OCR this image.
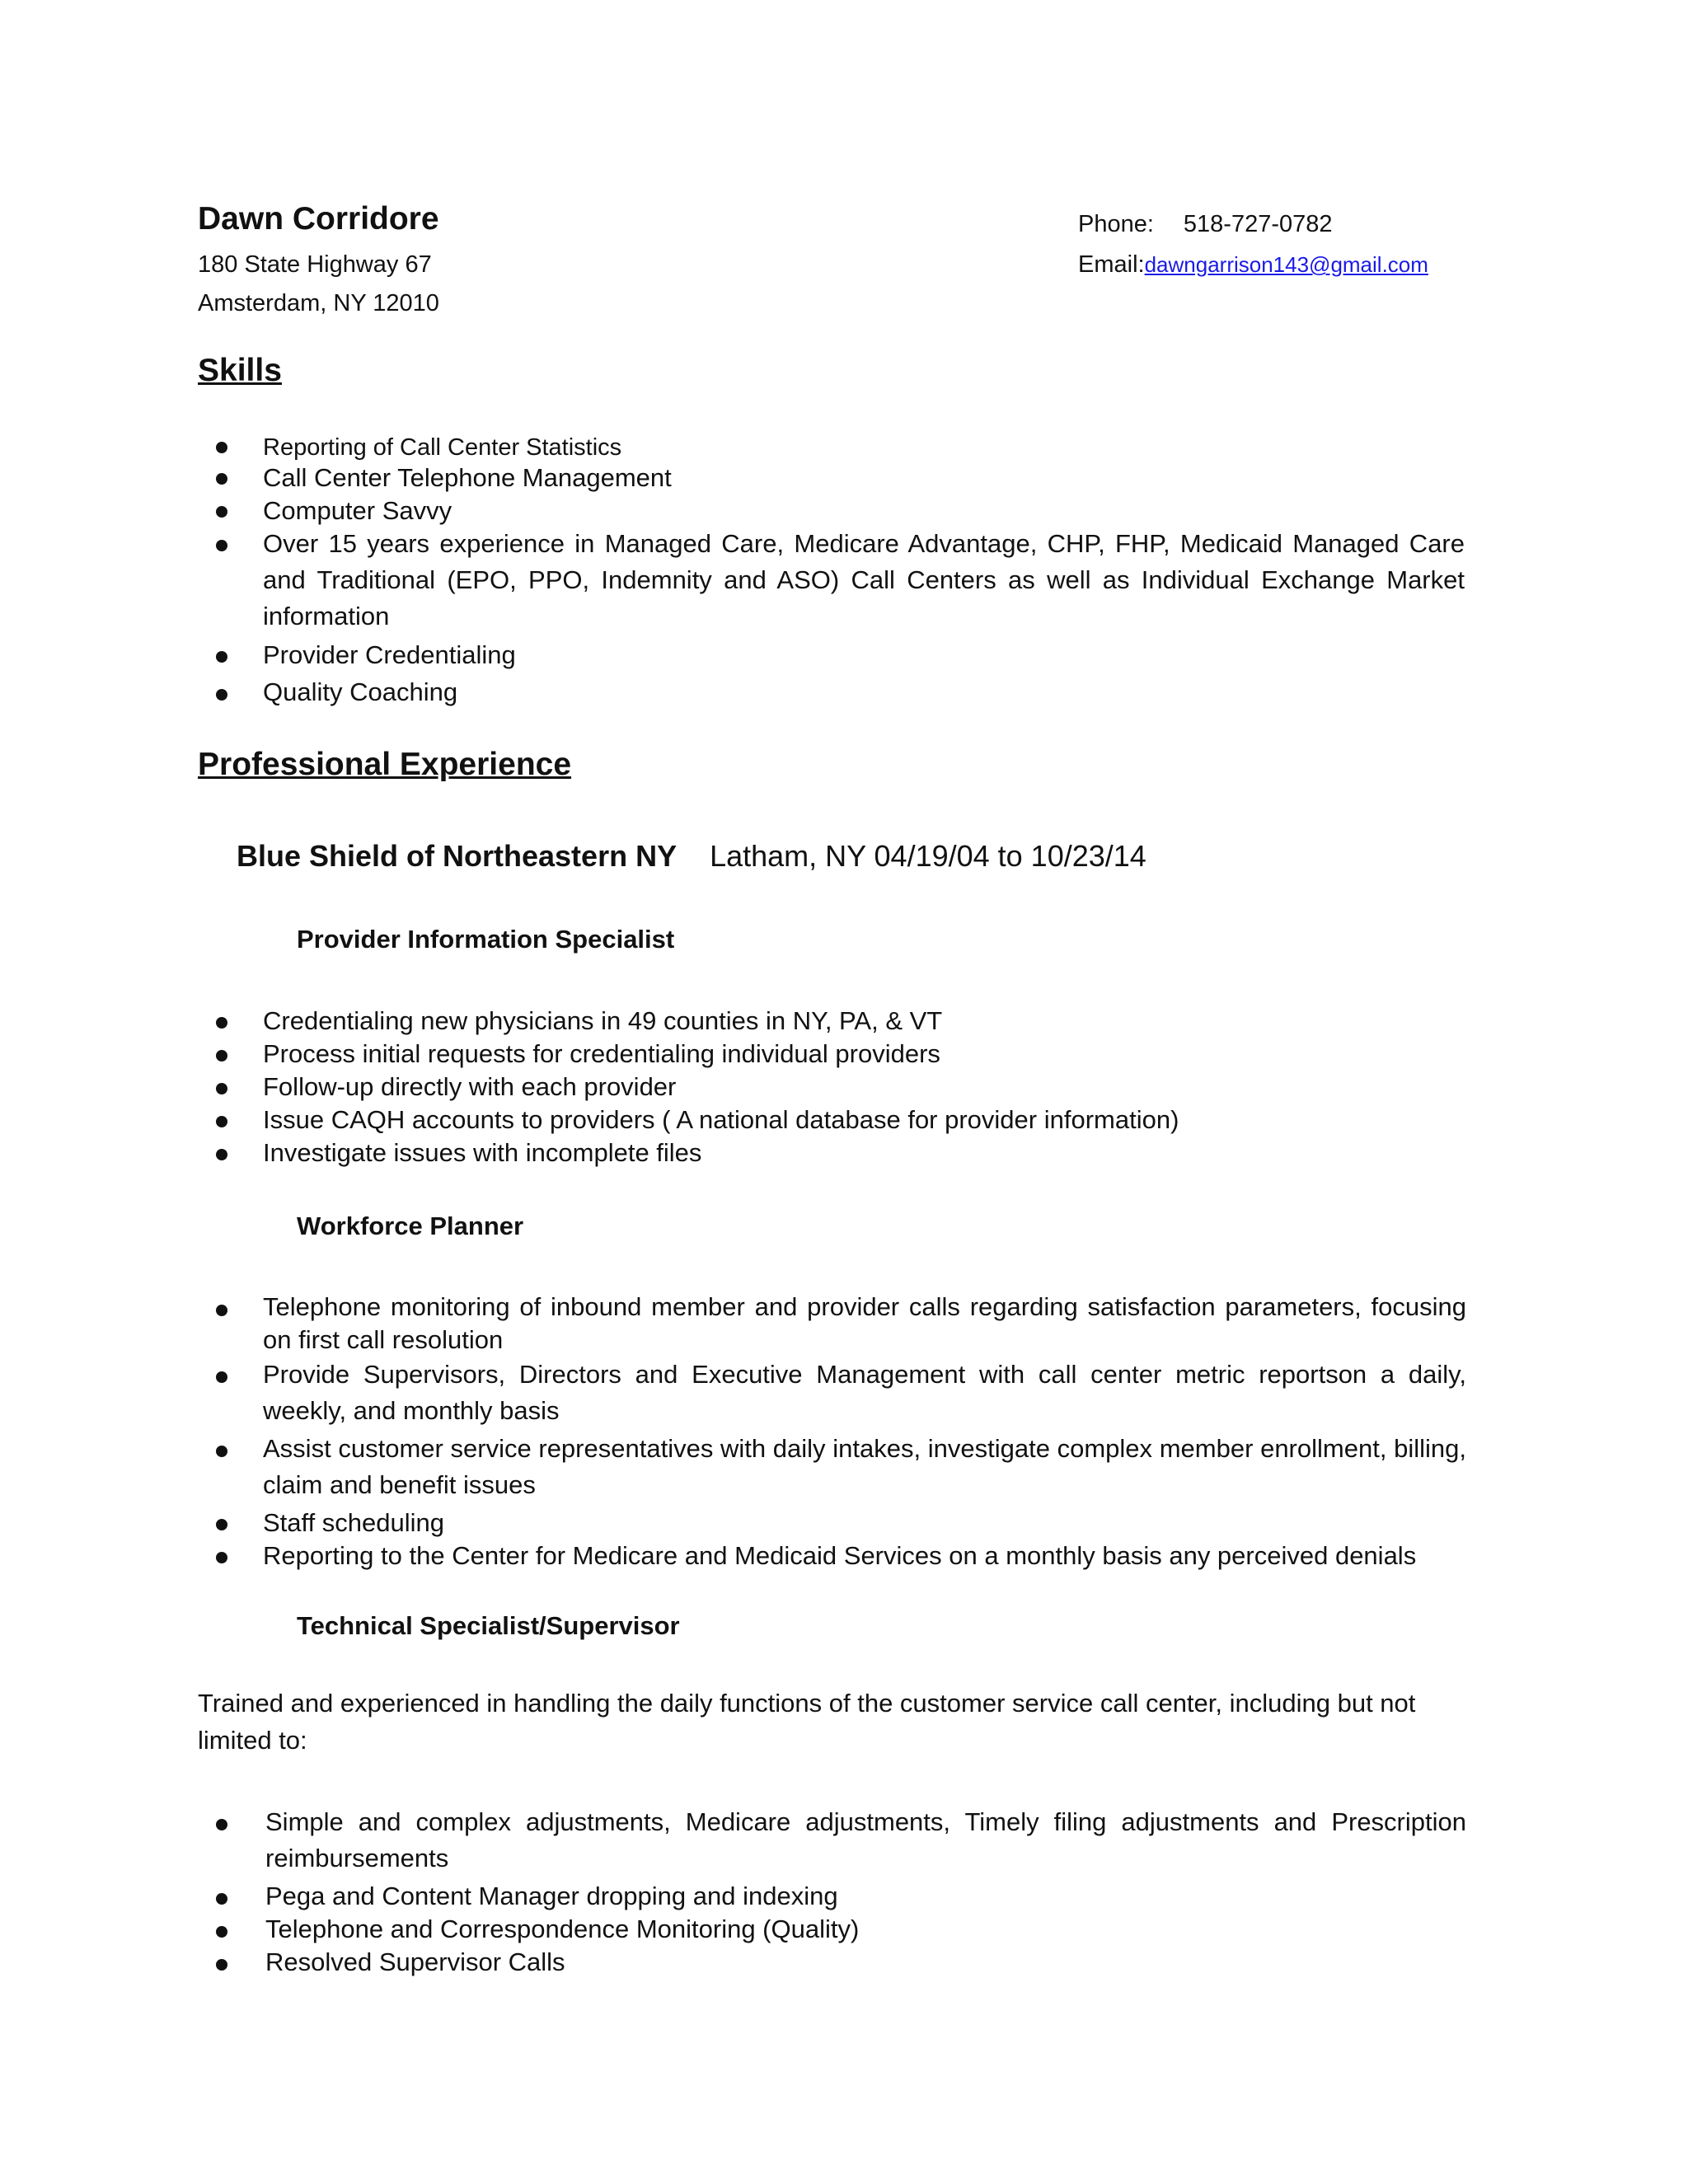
Dawn Corridore
180 State Highway 67
Amsterdam, NY 12010
Phone: 518-727-0782
Email:dawngarrison143@gmail.com
Skills
Reporting of Call Center Statistics
Call Center Telephone Management
Computer Savvy
Over 15 years experience in Managed Care, Medicare Advantage, CHP, FHP, Medicaid Managed Care and Traditional (EPO, PPO, Indemnity and ASO) Call Centers as well as Individual Exchange Market information
Provider Credentialing
Quality Coaching
Professional Experience
Blue Shield of Northeastern NY Latham, NY 04/19/04 to 10/23/14
Provider Information Specialist
Credentialing new physicians in 49 counties in NY, PA, & VT
Process initial requests for credentialing individual providers
Follow-up directly with each provider
Issue CAQH accounts to providers ( A national database for provider information)
Investigate issues with incomplete files
Workforce Planner
Telephone monitoring of inbound member and provider calls regarding satisfaction parameters, focusing on first call resolution
Provide Supervisors, Directors and Executive Management with call center metric reportson a daily, weekly, and monthly basis
Assist customer service representatives with daily intakes, investigate complex member enrollment, billing, claim and benefit issues
Staff scheduling
Reporting to the Center for Medicare and Medicaid Services on a monthly basis any perceived denials
Technical Specialist/Supervisor
Trained and experienced in handling the daily functions of the customer service call center, including but not limited to:
Simple and complex adjustments, Medicare adjustments, Timely filing adjustments and Prescription reimbursements
Pega and Content Manager dropping and indexing
Telephone and Correspondence Monitoring (Quality)
Resolved Supervisor Calls
